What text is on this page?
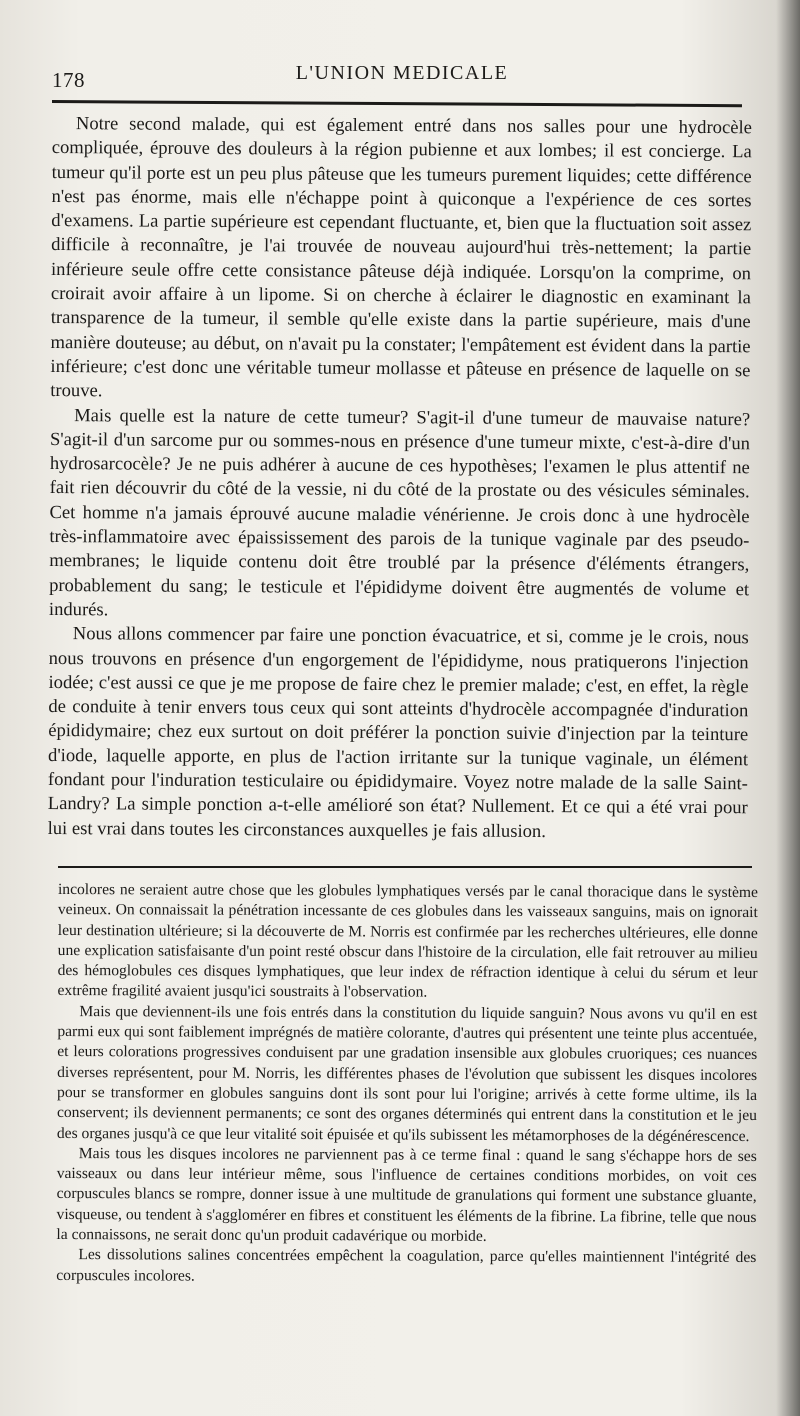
178	L'UNION MEDICALE

Notre second malade, qui est également entré dans nos salles pour une hydrocèle compliquée, éprouve des douleurs à la région pubienne et aux lombes; il est concierge. La tumeur qu'il porte est un peu plus pâteuse que les tumeurs purement liquides; cette différence n'est pas énorme, mais elle n'échappe point à quiconque a l'expérience de ces sortes d'examens. La partie supérieure est cependant fluctuante, et, bien que la fluctuation soit assez difficile à reconnaître, je l'ai trouvée de nouveau aujourd'hui très-nettement; la partie inférieure seule offre cette consistance pâteuse déjà indiquée. Lorsqu'on la comprime, on croirait avoir affaire à un lipome. Si on cherche à éclairer le diagnostic en examinant la transparence de la tumeur, il semble qu'elle existe dans la partie supérieure, mais d'une manière douteuse; au début, on n'avait pu la constater; l'empâtement est évident dans la partie inférieure; c'est donc une véritable tumeur mollasse et pâteuse en présence de laquelle on se trouve.

Mais quelle est la nature de cette tumeur? S'agit-il d'une tumeur de mauvaise nature? S'agit-il d'un sarcome pur ou sommes-nous en présence d'une tumeur mixte, c'est-à-dire d'un hydrosarcocèle? Je ne puis adhérer à aucune de ces hypothèses; l'examen le plus attentif ne fait rien découvrir du côté de la vessie, ni du côté de la prostate ou des vésicules séminales. Cet homme n'a jamais éprouvé aucune maladie vénérienne. Je crois donc à une hydrocèle très-inflammatoire avec épaississement des parois de la tunique vaginale par des pseudo-membranes; le liquide contenu doit être troublé par la présence d'éléments étrangers, probablement du sang; le testicule et l'épididyme doivent être augmentés de volume et indurés.

Nous allons commencer par faire une ponction évacuatrice, et si, comme je le crois, nous nous trouvons en présence d'un engorgement de l'épididyme, nous pratiquerons l'injection iodée; c'est aussi ce que je me propose de faire chez le premier malade; c'est, en effet, la règle de conduite à tenir envers tous ceux qui sont atteints d'hydrocèle accompagnée d'induration épididymaire; chez eux surtout on doit préférer la ponction suivie d'injection par la teinture d'iode, laquelle apporte, en plus de l'action irritante sur la tunique vaginale, un élément fondant pour l'induration testiculaire ou épididymaire. Voyez notre malade de la salle Saint-Landry? La simple ponction a-t-elle amélioré son état? Nullement. Et ce qui a été vrai pour lui est vrai dans toutes les circonstances auxquelles je fais allusion.

incolores ne seraient autre chose que les globules lymphatiques versés par le canal thoracique dans le système veineux. On connaissait la pénétration incessante de ces globules dans les vaisseaux sanguins, mais on ignorait leur destination ultérieure; si la découverte de M. Norris est confirmée par les recherches ultérieures, elle donne une explication satisfaisante d'un point resté obscur dans l'histoire de la circulation, elle fait retrouver au milieu des hémoglobules ces disques lymphatiques, que leur index de réfraction identique à celui du sérum et leur extrême fragilité avaient jusqu'ici soustraits à l'observation.

Mais que deviennent-ils une fois entrés dans la constitution du liquide sanguin? Nous avons vu qu'il en est parmi eux qui sont faiblement imprégnés de matière colorante, d'autres qui présentent une teinte plus accentuée, et leurs colorations progressives conduisent par une gradation insensible aux globules cruoriques; ces nuances diverses représentent, pour M. Norris, les différentes phases de l'évolution que subissent les disques incolores pour se transformer en globules sanguins dont ils sont pour lui l'origine; arrivés à cette forme ultime, ils la conservent; ils deviennent permanents; ce sont des organes déterminés qui entrent dans la constitution et le jeu des organes jusqu'à ce que leur vitalité soit épuisée et qu'ils subissent les métamorphoses de la dégénérescence.

Mais tous les disques incolores ne parviennent pas à ce terme final : quand le sang s'échappe hors de ses vaisseaux ou dans leur intérieur même, sous l'influence de certaines conditions morbides, on voit ces corpuscules blancs se rompre, donner issue à une multitude de granulations qui forment une substance gluante, visqueuse, ou tendent à s'agglomérer en fibres et constituent les éléments de la fibrine. La fibrine, telle que nous la connaissons, ne serait donc qu'un produit cadavérique ou morbide.

Les dissolutions salines concentrées empêchent la coagulation, parce qu'elles maintiennent l'intégrité des corpuscules incolores.
